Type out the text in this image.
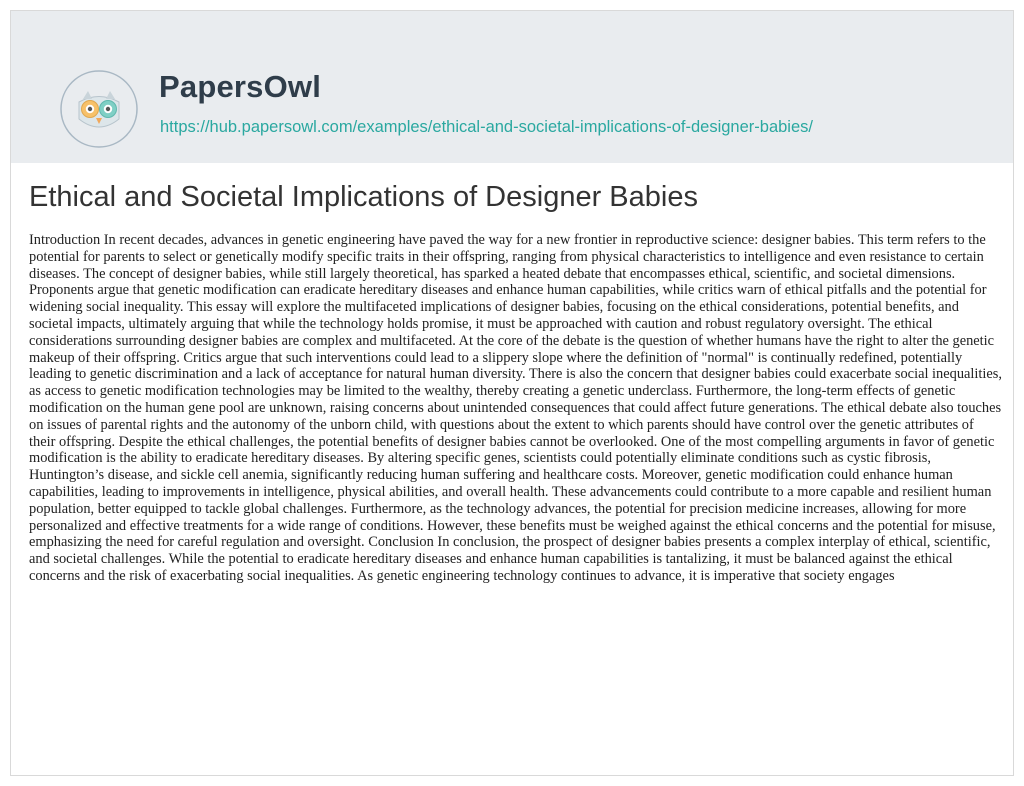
PapersOwl
https://hub.papersowl.com/examples/ethical-and-societal-implications-of-designer-babies/
Ethical and Societal Implications of Designer Babies

Introduction In recent decades, advances in genetic engineering have paved the way for a new frontier in reproductive science: designer babies. This term refers to the potential for parents to select or genetically modify specific traits in their offspring, ranging from physical characteristics to intelligence and even resistance to certain diseases. The concept of designer babies, while still largely theoretical, has sparked a heated debate that encompasses ethical, scientific, and societal dimensions. Proponents argue that genetic modification can eradicate hereditary diseases and enhance human capabilities, while critics warn of ethical pitfalls and the potential for widening social inequality. This essay will explore the multifaceted implications of designer babies, focusing on the ethical considerations, potential benefits, and societal impacts, ultimately arguing that while the technology holds promise, it must be approached with caution and robust regulatory oversight. The ethical considerations surrounding designer babies are complex and multifaceted. At the core of the debate is the question of whether humans have the right to alter the genetic makeup of their offspring. Critics argue that such interventions could lead to a slippery slope where the definition of "normal" is continually redefined, potentially leading to genetic discrimination and a lack of acceptance for natural human diversity. There is also the concern that designer babies could exacerbate social inequalities, as access to genetic modification technologies may be limited to the wealthy, thereby creating a genetic underclass. Furthermore, the long-term effects of genetic modification on the human gene pool are unknown, raising concerns about unintended consequences that could affect future generations. The ethical debate also touches on issues of parental rights and the autonomy of the unborn child, with questions about the extent to which parents should have control over the genetic attributes of their offspring. Despite the ethical challenges, the potential benefits of designer babies cannot be overlooked. One of the most compelling arguments in favor of genetic modification is the ability to eradicate hereditary diseases. By altering specific genes, scientists could potentially eliminate conditions such as cystic fibrosis, Huntington’s disease, and sickle cell anemia, significantly reducing human suffering and healthcare costs. Moreover, genetic modification could enhance human capabilities, leading to improvements in intelligence, physical abilities, and overall health. These advancements could contribute to a more capable and resilient human population, better equipped to tackle global challenges. Furthermore, as the technology advances, the potential for precision medicine increases, allowing for more personalized and effective treatments for a wide range of conditions. However, these benefits must be weighed against the ethical concerns and the potential for misuse, emphasizing the need for careful regulation and oversight. Conclusion In conclusion, the prospect of designer babies presents a complex interplay of ethical, scientific, and societal challenges. While the potential to eradicate hereditary diseases and enhance human capabilities is tantalizing, it must be balanced against the ethical concerns and the risk of exacerbating social inequalities. As genetic engineering technology continues to advance, it is imperative that society engages
